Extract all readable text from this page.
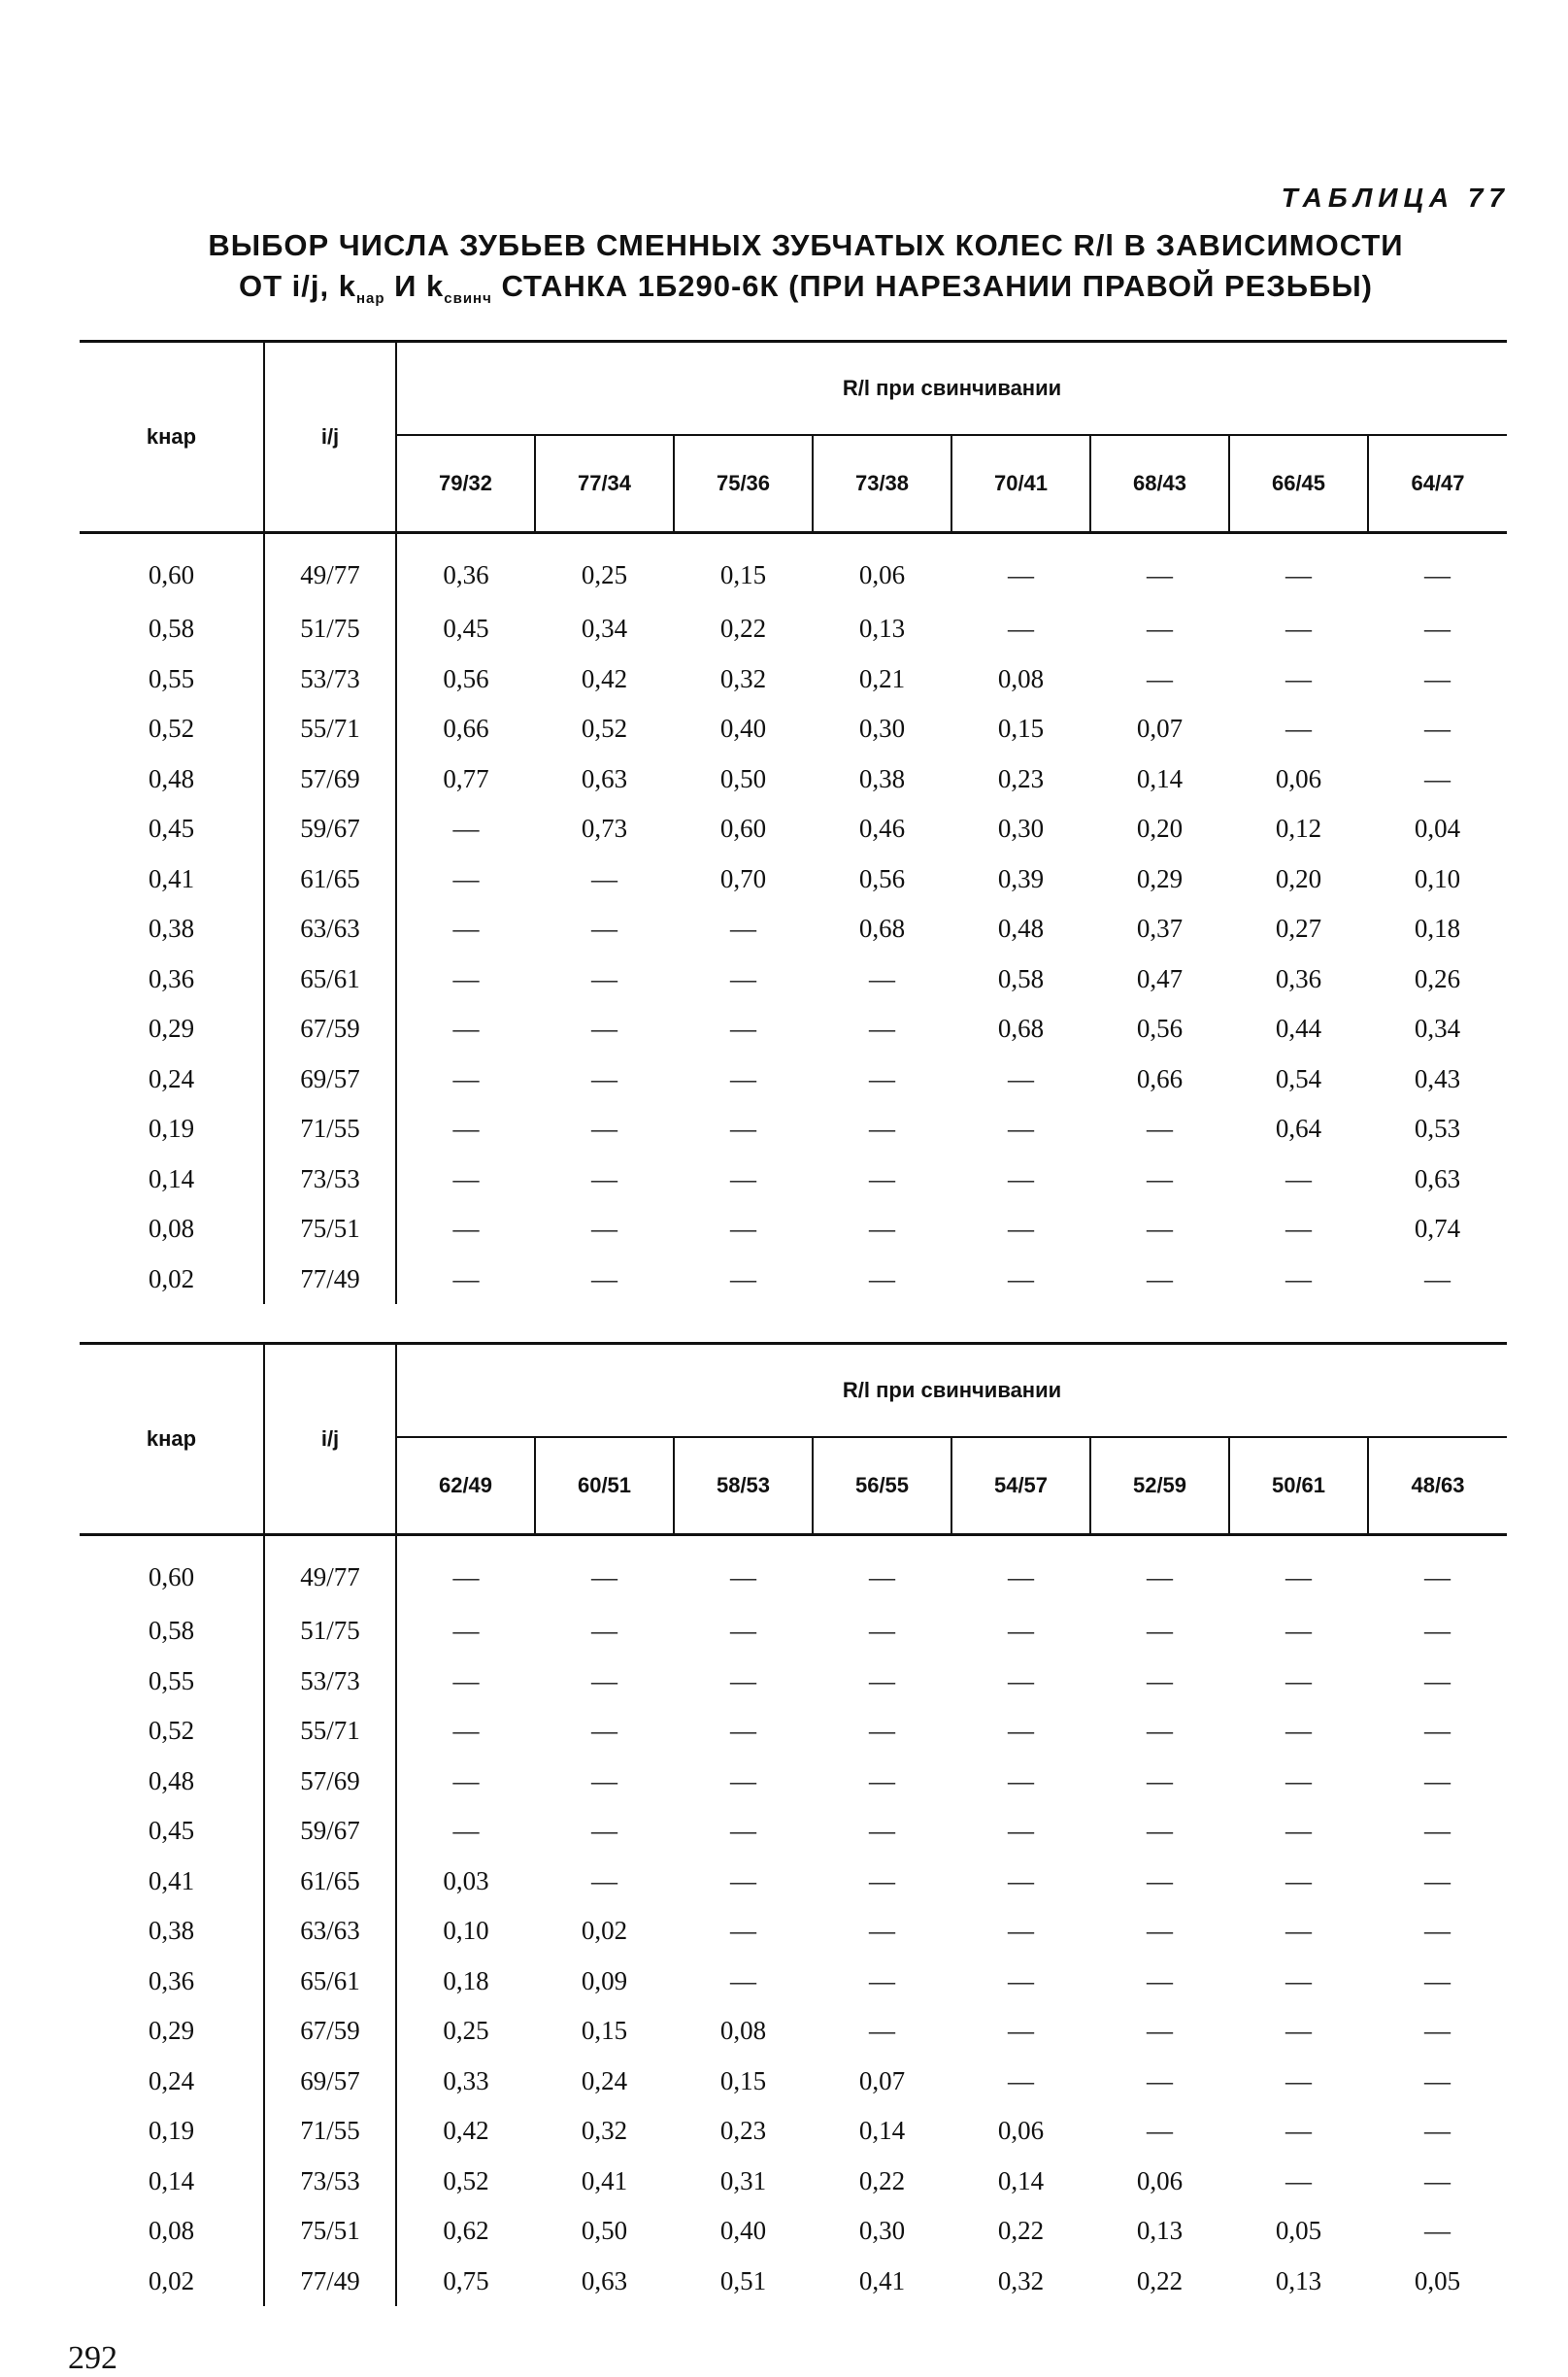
ТАБЛИЦА 77
ВЫБОР ЧИСЛА ЗУБЬЕВ СМЕННЫХ ЗУБЧАТЫХ КОЛЕС R/l В ЗАВИСИМОСТИ
ОТ i/j, $k_{нар}$ И $k_{свинч}$ СТАНКА 1Б290-6К (ПРИ НАРЕЗАНИИ ПРАВОЙ РЕЗЬБЫ)
kнар	i/j	R/l при свинчивании							
		79/32	77/34	75/36	73/38	70/41	68/43	66/45	64/47
0,60	49/77	0,36	0,25	0,15	0,06	—	—	—	—
0,58	51/75	0,45	0,34	0,22	0,13	—	—	—	—
0,55	53/73	0,56	0,42	0,32	0,21	0,08	—	—	—
0,52	55/71	0,66	0,52	0,40	0,30	0,15	0,07	—	—
0,48	57/69	0,77	0,63	0,50	0,38	0,23	0,14	0,06	—
0,45	59/67	—	0,73	0,60	0,46	0,30	0,20	0,12	0,04
0,41	61/65	—	—	0,70	0,56	0,39	0,29	0,20	0,10
0,38	63/63	—	—	—	0,68	0,48	0,37	0,27	0,18
0,36	65/61	—	—	—	—	0,58	0,47	0,36	0,26
0,29	67/59	—	—	—	—	0,68	0,56	0,44	0,34
0,24	69/57	—	—	—	—	—	0,66	0,54	0,43
0,19	71/55	—	—	—	—	—	—	0,64	0,53
0,14	73/53	—	—	—	—	—	—	—	0,63
0,08	75/51	—	—	—	—	—	—	—	0,74
0,02	77/49	—	—	—	—	—	—	—	—
kнар	i/j	R/l при свинчивании							
		62/49	60/51	58/53	56/55	54/57	52/59	50/61	48/63
0,60	49/77	—	—	—	—	—	—	—	—
0,58	51/75	—	—	—	—	—	—	—	—
0,55	53/73	—	—	—	—	—	—	—	—
0,52	55/71	—	—	—	—	—	—	—	—
0,48	57/69	—	—	—	—	—	—	—	—
0,45	59/67	—	—	—	—	—	—	—	—
0,41	61/65	0,03	—	—	—	—	—	—	—
0,38	63/63	0,10	0,02	—	—	—	—	—	—
0,36	65/61	0,18	0,09	—	—	—	—	—	—
0,29	67/59	0,25	0,15	0,08	—	—	—	—	—
0,24	69/57	0,33	0,24	0,15	0,07	—	—	—	—
0,19	71/55	0,42	0,32	0,23	0,14	0,06	—	—	—
0,14	73/53	0,52	0,41	0,31	0,22	0,14	0,06	—	—
0,08	75/51	0,62	0,50	0,40	0,30	0,22	0,13	0,05	—
0,02	77/49	0,75	0,63	0,51	0,41	0,32	0,22	0,13	0,05
292
